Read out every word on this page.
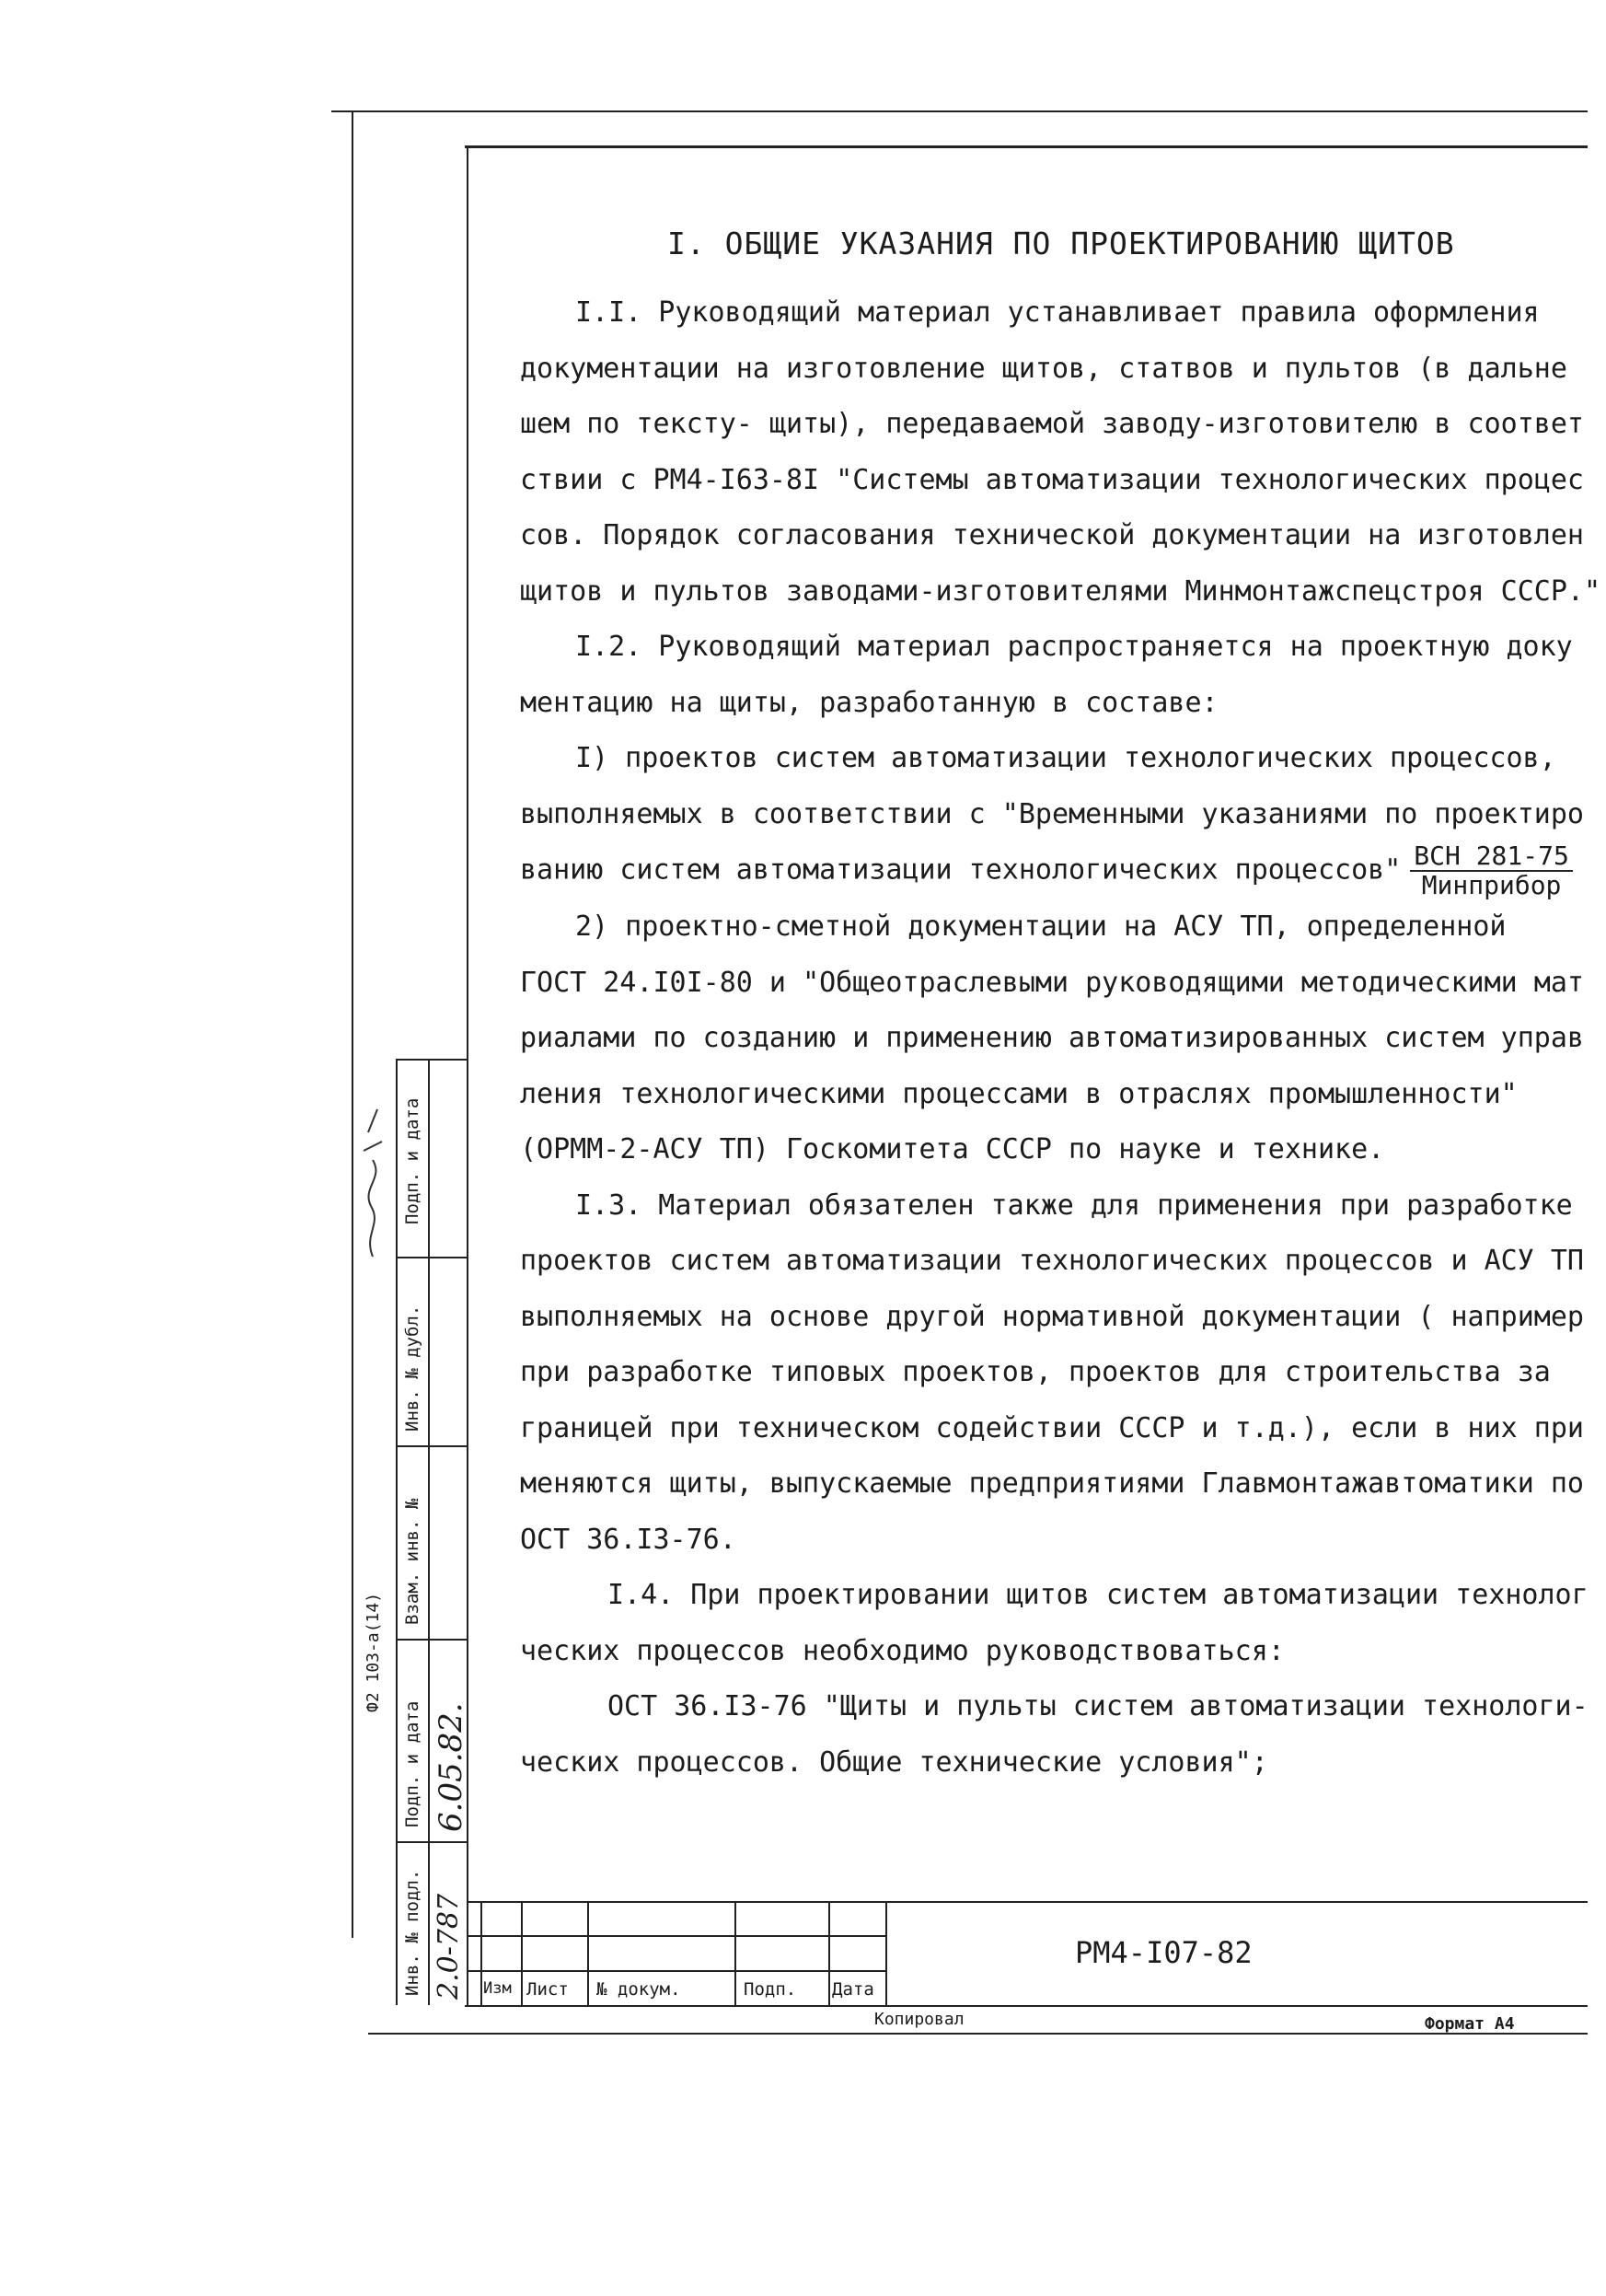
I. ОБЩИЕ УКАЗАНИЯ ПО ПРОЕКТИРОВАНИЮ ЩИТОВ

I.I. Руководящий материал устанавливает правила оформления

документации на изготовление щитов, статвов и пультов (в дальне

шем по тексту- щиты), передаваемой заводу-изготовителю в соответ

ствии с РМ4-I63-8I "Системы автоматизации технологических процес

сов. Порядок согласования технической документации на изготовлен

щитов и пультов заводами-изготовителями Минмонтажспецстроя СССР."

I.2. Руководящий материал распространяется на проектную доку

ментацию на щиты, разработанную в составе:

I) проектов систем автоматизации технологических процессов,

выполняемых в соответствии с "Временными указаниями по проектиро

ванию систем автоматизации технологических процессов" $\frac{\text{ВСН 281-75}}{\text{Минприбор}}$

2) проектно-сметной документации на АСУ ТП, определенной

ГОСТ 24.I0I-80 и "Общеотраслевыми руководящими методическими мат

риалами по созданию и применению автоматизированных систем управ

ления технологическими процессами в отраслях промышленности"

(ОРММ-2-АСУ ТП) Госкомитета СССР по науке и технике.

I.3. Материал обязателен также для применения при разработке

проектов систем автоматизации технологических процессов и АСУ ТП

выполняемых на основе другой нормативной документации ( например

при разработке типовых проектов, проектов для строительства за

границей при техническом содействии СССР и т.д.), если в них при

меняются щиты, выпускаемые предприятиями Главмонтажавтоматики по

ОСТ 36.I3-76.

I.4. При проектировании щитов систем автоматизации технолог

ческих процессов необходимо руководствоваться:

ОСТ 36.I3-76 "Щиты и пульты систем автоматизации технологи-

ческих процессов. Общие технические условия";

Изм Лист № докум.	Подп. Дата
РМ4-I07-82
Копировал	Формат А4
Подп. и дата
Инв. № дубл.
Взам. инв. №
Подп. и дата
Инв. № подл.
Ф2 103-а(14)
6.05.82.
2.0-787
